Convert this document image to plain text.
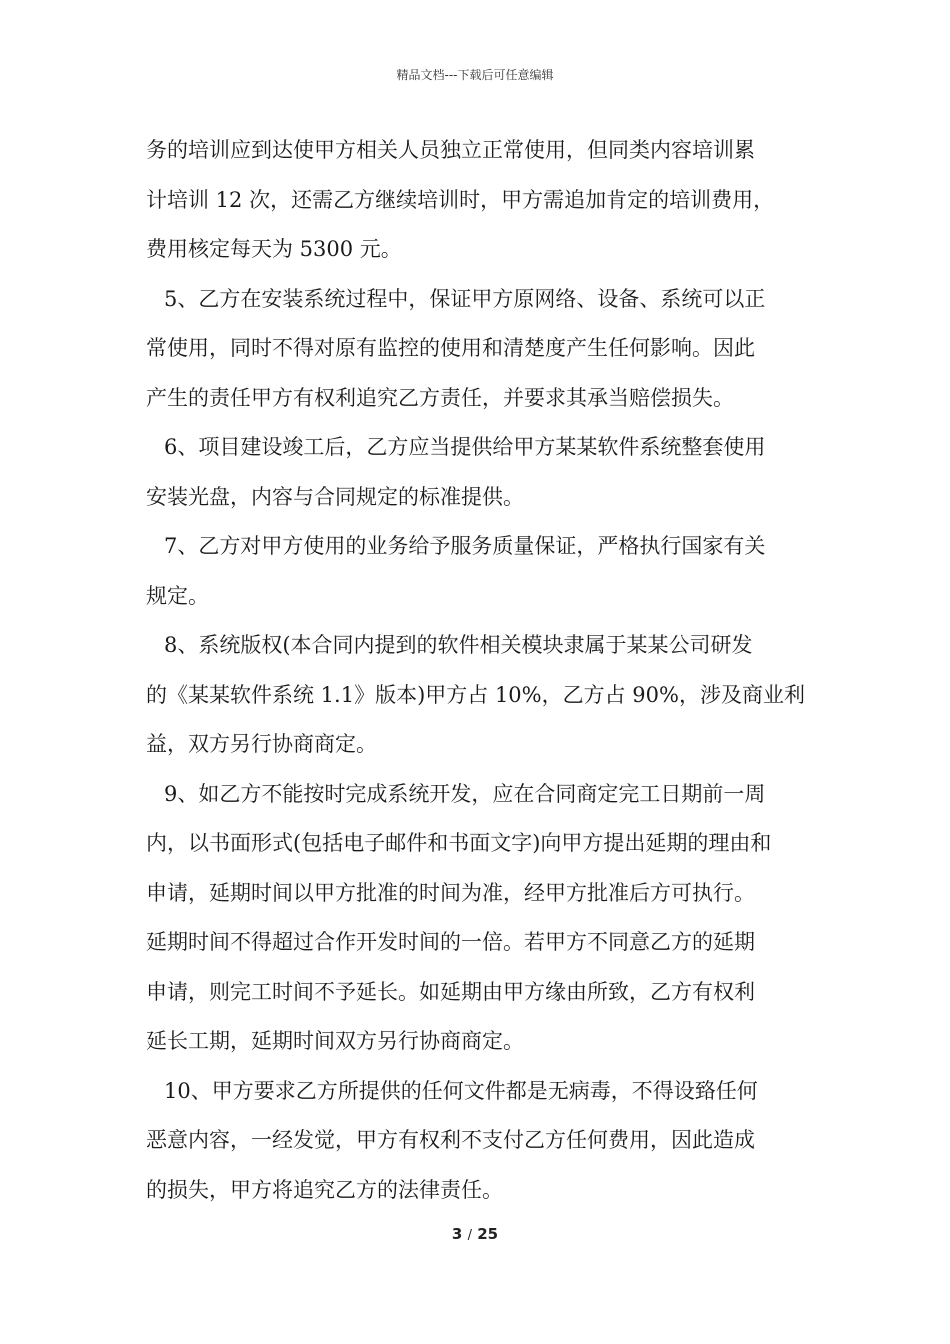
精品文档---下载后可任意编辑

务的培训应到达使甲方相关人员独立正常使用，但同类内容培训累
计培训 12 次，还需乙方继续培训时，甲方需追加肯定的培训费用，
费用核定每天为 5300 元。

5、乙方在安装系统过程中，保证甲方原网络、设备、系统可以正
常使用，同时不得对原有监控的使用和清楚度产生任何影响。因此
产生的责任甲方有权利追究乙方责任，并要求其承当赔偿损失。

6、项目建设竣工后，乙方应当提供给甲方某某软件系统整套使用
安装光盘，内容与合同规定的标准提供。

7、乙方对甲方使用的业务给予服务质量保证，严格执行国家有关
规定。

8、系统版权(本合同内提到的软件相关模块隶属于某某公司研发
的《某某软件系统 1.1》版本)甲方占 10%，乙方占 90%，涉及商业利
益，双方另行协商商定。

9、如乙方不能按时完成系统开发，应在合同商定完工日期前一周
内，以书面形式(包括电子邮件和书面文字)向甲方提出延期的理由和
申请，延期时间以甲方批准的时间为准，经甲方批准后方可执行。
延期时间不得超过合作开发时间的一倍。若甲方不同意乙方的延期
申请，则完工时间不予延长。如延期由甲方缘由所致，乙方有权利
延长工期，延期时间双方另行协商商定。

10、甲方要求乙方所提供的任何文件都是无病毒，不得设臵任何
恶意内容，一经发觉，甲方有权利不支付乙方任何费用，因此造成
的损失，甲方将追究乙方的法律责任。

3 / 25
